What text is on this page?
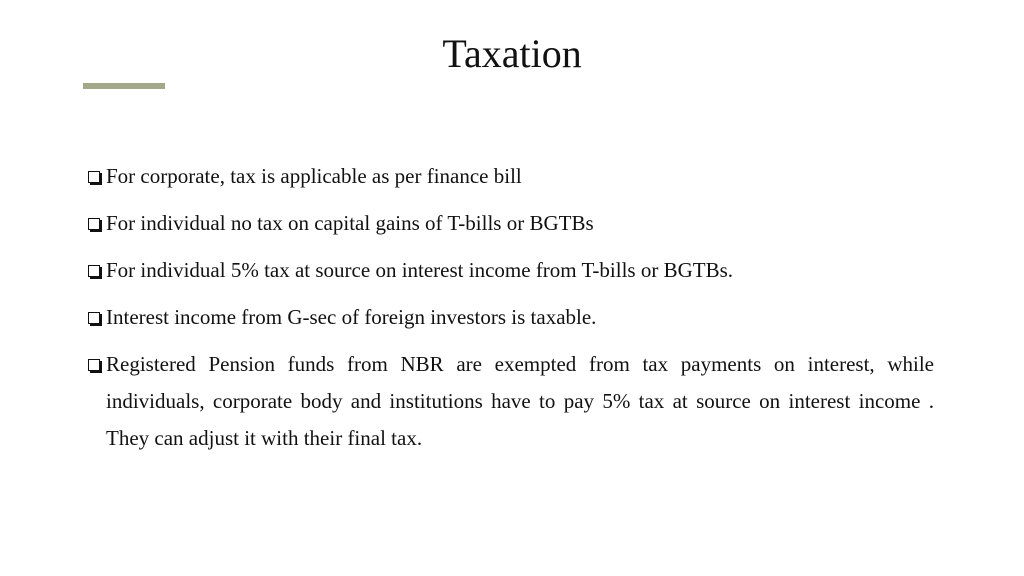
Taxation
For corporate, tax is applicable as per finance bill
For individual no tax on capital gains of T-bills or BGTBs
For individual 5% tax at source on interest income from T-bills or BGTBs.
Interest income from G-sec of foreign investors is taxable.
Registered Pension funds from NBR are exempted from tax payments on interest, while individuals, corporate body and institutions have to pay 5% tax at source on interest income . They can adjust it with their final tax.
